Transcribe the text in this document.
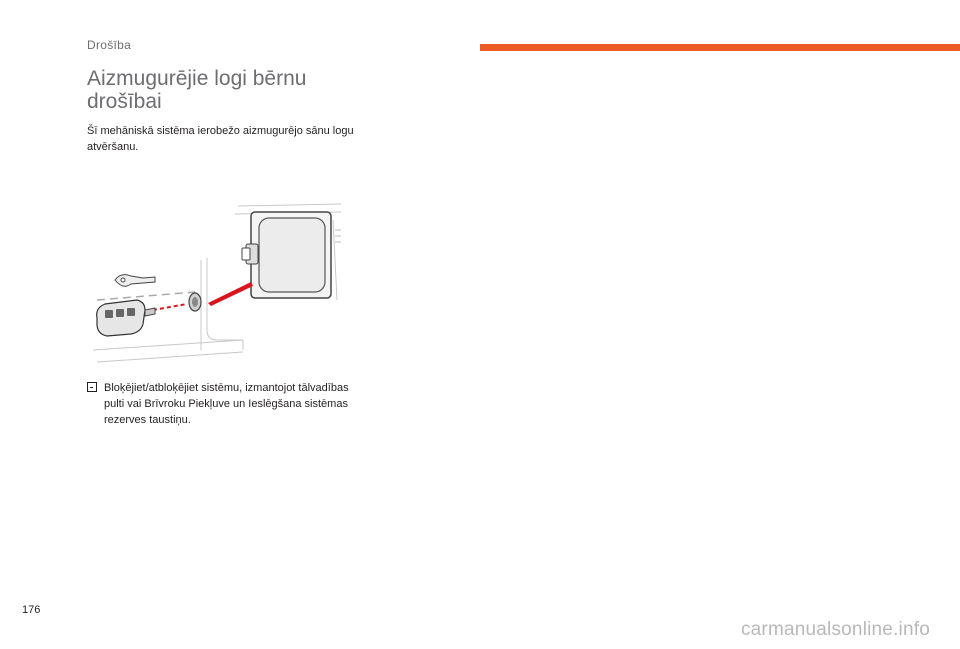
Drošība
Aizmugurējie logi bērnu drošībai

Šī mehāniskā sistēma ierobežo aizmugurējo sānu logu atvēršanu.

Bloķējiet/atbloķējiet sistēmu, izmantojot tālvadības pulti vai Brīvroku Piekļuve un Ieslēgšana sistēmas rezerves taustiņu.
176
carmanualsonline.info
